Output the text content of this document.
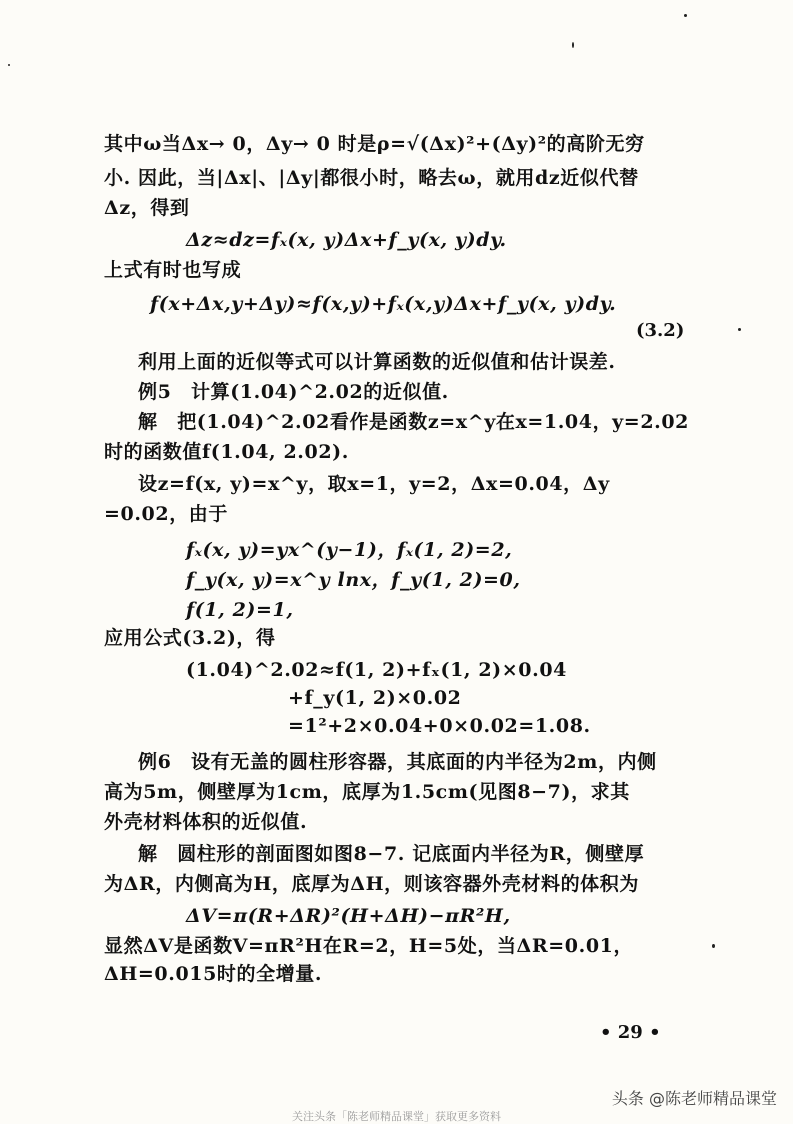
其中ω当Δx→ 0，Δy→ 0 时是ρ=√(Δx)²+(Δy)²的高阶无穷
小. 因此，当|Δx|、|Δy|都很小时，略去ω，就用dz近似代替
Δz，得到
Δz≈dz=fₓ(x, y)Δx+f_y(x, y)dy.
上式有时也写成
f(x+Δx,y+Δy)≈f(x,y)+fₓ(x,y)Δx+f_y(x, y)dy.
(3.2)
利用上面的近似等式可以计算函数的近似值和估计误差.
例5　计算(1.04)^2.02的近似值.
解　把(1.04)^2.02看作是函数z=x^y在x=1.04，y=2.02
时的函数值f(1.04, 2.02).
设z=f(x, y)=x^y，取x=1，y=2，Δx=0.04，Δy
=0.02，由于
fₓ(x, y)=yx^(y−1)，fₓ(1, 2)=2,
f_y(x, y)=x^y lnx，f_y(1, 2)=0,
f(1, 2)=1,
应用公式(3.2)，得
(1.04)^2.02≈f(1, 2)+fₓ(1, 2)×0.04
+f_y(1, 2)×0.02
=1²+2×0.04+0×0.02=1.08.
例6　设有无盖的圆柱形容器，其底面的内半径为2m，内侧
高为5m，侧壁厚为1cm，底厚为1.5cm(见图8−7)，求其
外壳材料体积的近似值.
解　圆柱形的剖面图如图8−7. 记底面内半径为R，侧壁厚
为ΔR，内侧高为H，底厚为ΔH，则该容器外壳材料的体积为
ΔV=π(R+ΔR)²(H+ΔH)−πR²H,
显然ΔV是函数V=πR²H在R=2，H=5处，当ΔR=0.01，
ΔH=0.015时的全增量.
• 29 •
头条 @陈老师精品课堂
关注头条「陈老师精品课堂」获取更多资料
